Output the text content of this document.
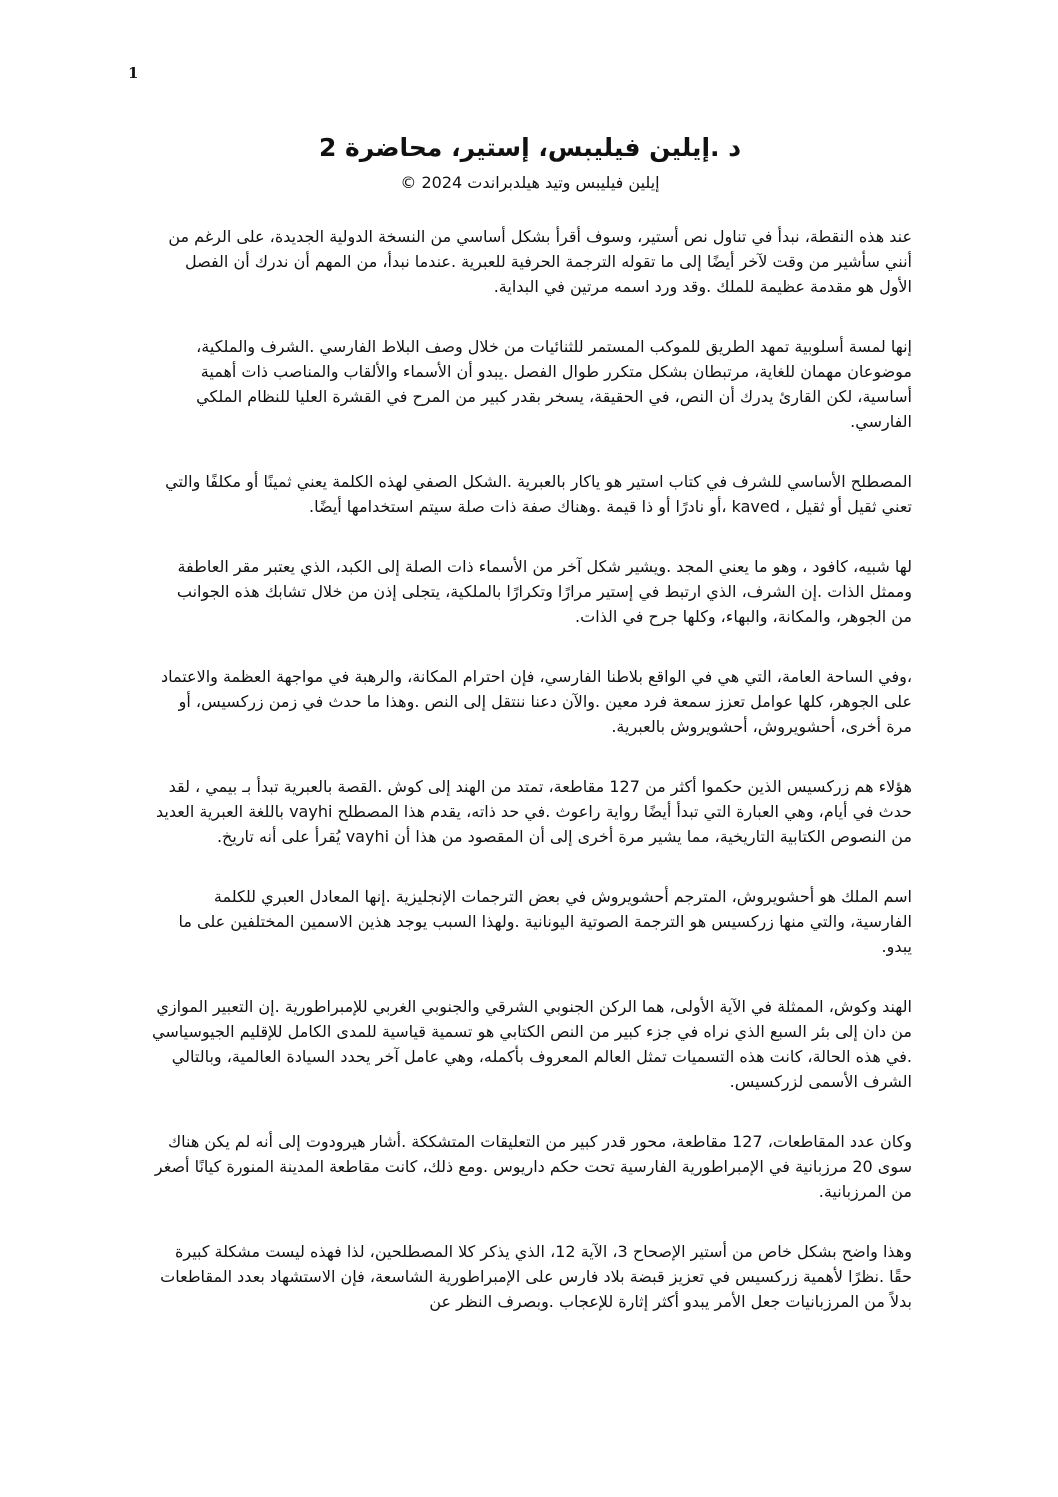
1
د .إيلين فيليبس، إستير، محاضرة 2

إيلين فيليبس وتيد هيلدبراندت 2024 ©

عند هذه النقطة، نبدأ في تناول نص أستير، وسوف أقرأ بشكل أساسي من النسخة الدولية الجديدة، على الرغم من أنني سأشير من وقت لآخر أيضًا إلى ما تقوله الترجمة الحرفية للعبرية .عندما نبدأ، من المهم أن ندرك أن الفصل الأول هو مقدمة عظيمة للملك .وقد ورد اسمه مرتين في البداية.

إنها لمسة أسلوبية تمهد الطريق للموكب المستمر للثنائيات من خلال وصف البلاط الفارسي .الشرف والملكية، موضوعان مهمان للغاية، مرتبطان بشكل متكرر طوال الفصل .يبدو أن الأسماء والألقاب والمناصب ذات أهمية أساسية، لكن القارئ يدرك أن النص، في الحقيقة، يسخر بقدر كبير من المرح في القشرة العليا للنظام الملكي الفارسي.

المصطلح الأساسي للشرف في كتاب استير هو ياكار بالعبرية .الشكل الصفي لهذه الكلمة يعني ثمينًا أو مكلفًا والتي تعني ثقيل أو ثقيل ، kaved ،أو نادرًا أو ذا قيمة .وهناك صفة ذات صلة سيتم استخدامها أيضًا.

لها شبيه، كافود ، وهو ما يعني المجد .ويشير شكل آخر من الأسماء ذات الصلة إلى الكبد، الذي يعتبر مقر العاطفة وممثل الذات .إن الشرف، الذي ارتبط في إستير مرارًا وتكرارًا بالملكية، يتجلى إذن من خلال تشابك هذه الجوانب من الجوهر، والمكانة، والبهاء، وكلها جرح في الذات.

،وفي الساحة العامة، التي هي في الواقع بلاطنا الفارسي، فإن احترام المكانة، والرهبة في مواجهة العظمة والاعتماد على الجوهر، كلها عوامل تعزز سمعة فرد معين .والآن دعنا ننتقل إلى النص .وهذا ما حدث في زمن زركسيس، أو مرة أخرى، أحشويروش، أحشويروش بالعبرية.

هؤلاء هم زركسيس الذين حكموا أكثر من 127 مقاطعة، تمتد من الهند إلى كوش .القصة بالعبرية تبدأ بـ بيمي ، لقد حدث في أيام، وهي العبارة التي تبدأ أيضًا رواية راعوث .في حد ذاته، يقدم هذا المصطلح vayhi باللغة العبرية العديد من النصوص الكتابية التاريخية، مما يشير مرة أخرى إلى أن المقصود من هذا أن vayhi يُقرأ على أنه تاريخ.

اسم الملك هو أحشويروش، المترجم أحشويروش في بعض الترجمات الإنجليزية .إنها المعادل العبري للكلمة الفارسية، والتي منها زركسيس هو الترجمة الصوتية اليونانية .ولهذا السبب يوجد هذين الاسمين المختلفين على ما يبدو.

الهند وكوش، الممثلة في الآية الأولى، هما الركن الجنوبي الشرقي والجنوبي الغربي للإمبراطورية .إن التعبير الموازي من دان إلى بئر السبع الذي نراه في جزء كبير من النص الكتابي هو تسمية قياسية للمدى الكامل للإقليم الجيوسياسي .في هذه الحالة، كانت هذه التسميات تمثل العالم المعروف بأكمله، وهي عامل آخر يحدد السيادة العالمية، وبالتالي الشرف الأسمى لزركسيس.

وكان عدد المقاطعات، 127 مقاطعة، محور قدر كبير من التعليقات المتشككة .أشار هيرودوت إلى أنه لم يكن هناك سوى 20 مرزبانية في الإمبراطورية الفارسية تحت حكم داريوس .ومع ذلك، كانت مقاطعة المدينة المنورة كيانًا أصغر من المرزبانية.

وهذا واضح بشكل خاص من أستير الإصحاح 3، الآية 12، الذي يذكر كلا المصطلحين، لذا فهذه ليست مشكلة كبيرة حقًا .نظرًا لأهمية زركسيس في تعزيز قبضة بلاد فارس على الإمبراطورية الشاسعة، فإن الاستشهاد بعدد المقاطعات بدلاً من المرزبانيات جعل الأمر يبدو أكثر إثارة للإعجاب .وبصرف النظر عن
